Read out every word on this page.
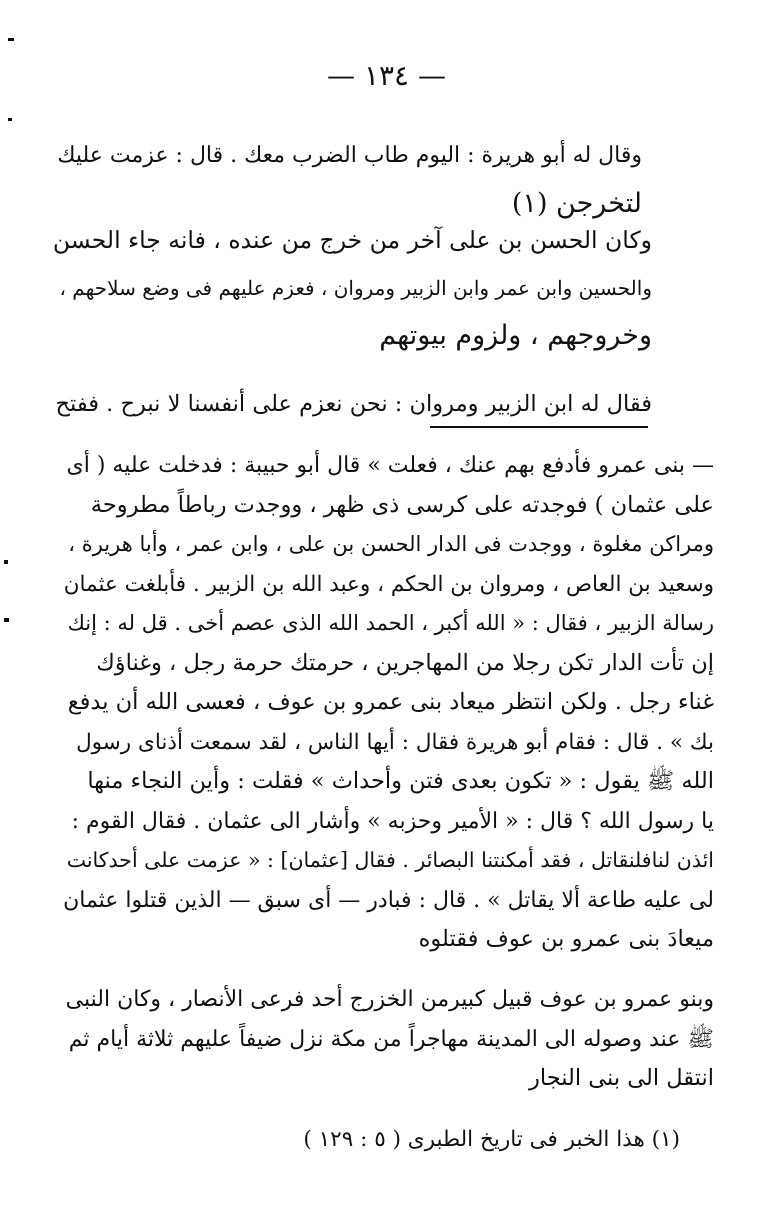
— ١٣٤ —

وقال له أبو هريرة : اليوم طاب الضرب معك . قال : عزمت عليك

لتخرجن (١)

وكان الحسن بن على آخر من خرج من عنده ، فانه جاء الحسن

والحسين وابن عمر وابن الزبير ومروان ، فعزم عليهم فى وضع سلاحهم ،

وخروجهم ، ولزوم بيوتهم

فقال له ابن الزبير ومروان : نحن نعزم على أنفسنا لا نبرح . ففتح

— بنى عمرو فأدفع بهم عنك ، فعلت » قال أبو حبيبة : فدخلت عليه ( أى

على عثمان ) فوجدته على كرسى ذى ظهر ، ووجدت رباطاً مطروحة

ومراكن مغلوة ، ووجدت فى الدار الحسن بن على ، وابن عمر ، وأبا هريرة ،

وسعيد بن العاص ، ومروان بن الحكم ، وعبد الله بن الزبير . فأبلغت عثمان

رسالة الزبير ، فقال : « الله أكبر ، الحمد الله الذى عصم أخى . قل له : إنك

إن تأت الدار تكن رجلا من المهاجرين ، حرمتك حرمة رجل ، وغناؤك

غناء رجل . ولكن انتظر ميعاد بنى عمرو بن عوف ، فعسى الله أن يدفع

بك » . قال : فقام أبو هريرة فقال : أيها الناس ، لقد سمعت أذناى رسول

الله ﷺ يقول : « تكون بعدى فتن وأحداث » فقلت : وأين النجاء منها

يا رسول الله ؟ قال : « الأمير وحزبه » وأشار الى عثمان . فقال القوم :

ائذن لنافلنقاتل ، فقد أمكنتنا البصائر . فقال [عثمان] : « عزمت على أحدكانت

لى عليه طاعة ألا يقاتل » . قال : فبادر — أى سبق — الذين قتلوا عثمان

ميعادَ بنى عمرو بن عوف فقتلوه

وبنو عمرو بن عوف قبيل كبيرمن الخزرج أحد فرعى الأنصار ، وكان النبى

ﷺ عند وصوله الى المدينة مهاجراً من مكة نزل ضيفاً عليهم ثلاثة أيام ثم

انتقل الى بنى النجار

(١) هذا الخبر فى تاريخ الطبرى ( ٥ : ١٢٩ )
